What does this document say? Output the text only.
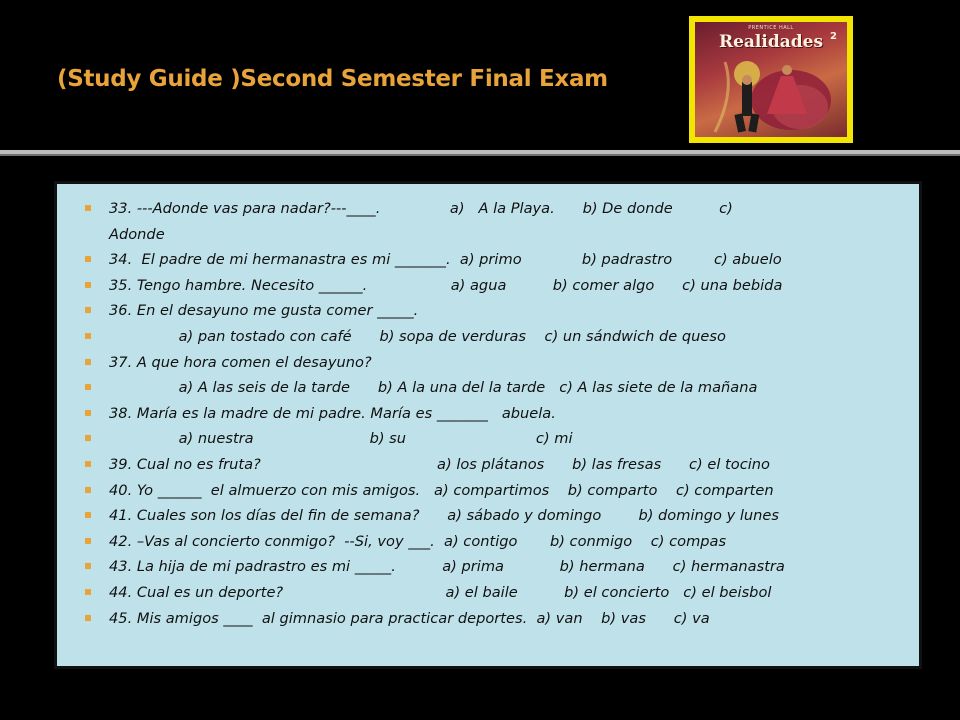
(Study Guide )Second Semester Final Exam
PRENTICE HALL
Realidades 2
33. ---Adonde vas para nadar?---____.               a)   A la Playa.      b) De donde          c)
Adonde
34.  El padre de mi hermanastra es mi _______.  a) primo             b) padrastro         c) abuelo
35. Tengo hambre. Necesito ______.                  a) agua          b) comer algo      c) una bebida
36. En el desayuno me gusta comer _____.
a) pan tostado con café      b) sopa de verduras    c) un sándwich de queso
37. A que hora comen el desayuno?
a) A las seis de la tarde      b) A la una del la tarde   c) A las siete de la mañana
38. María es la madre de mi padre. María es _______   abuela.
a) nuestra                         b) su                            c) mi
39. Cual no es fruta?                                      a) los plátanos      b) las fresas      c) el tocino
40. Yo ______  el almuerzo con mis amigos.   a) compartimos    b) comparto    c) comparten
41. Cuales son los días del fin de semana?      a) sábado y domingo        b) domingo y lunes
42. –Vas al concierto conmigo?  --Si, voy ___.  a) contigo       b) conmigo    c) compas
43. La hija de mi padrastro es mi _____.          a) prima            b) hermana      c) hermanastra
44. Cual es un deporte?                                   a) el baile          b) el concierto   c) el beisbol
45. Mis amigos ____  al gimnasio para practicar deportes.  a) van    b) vas      c) va
